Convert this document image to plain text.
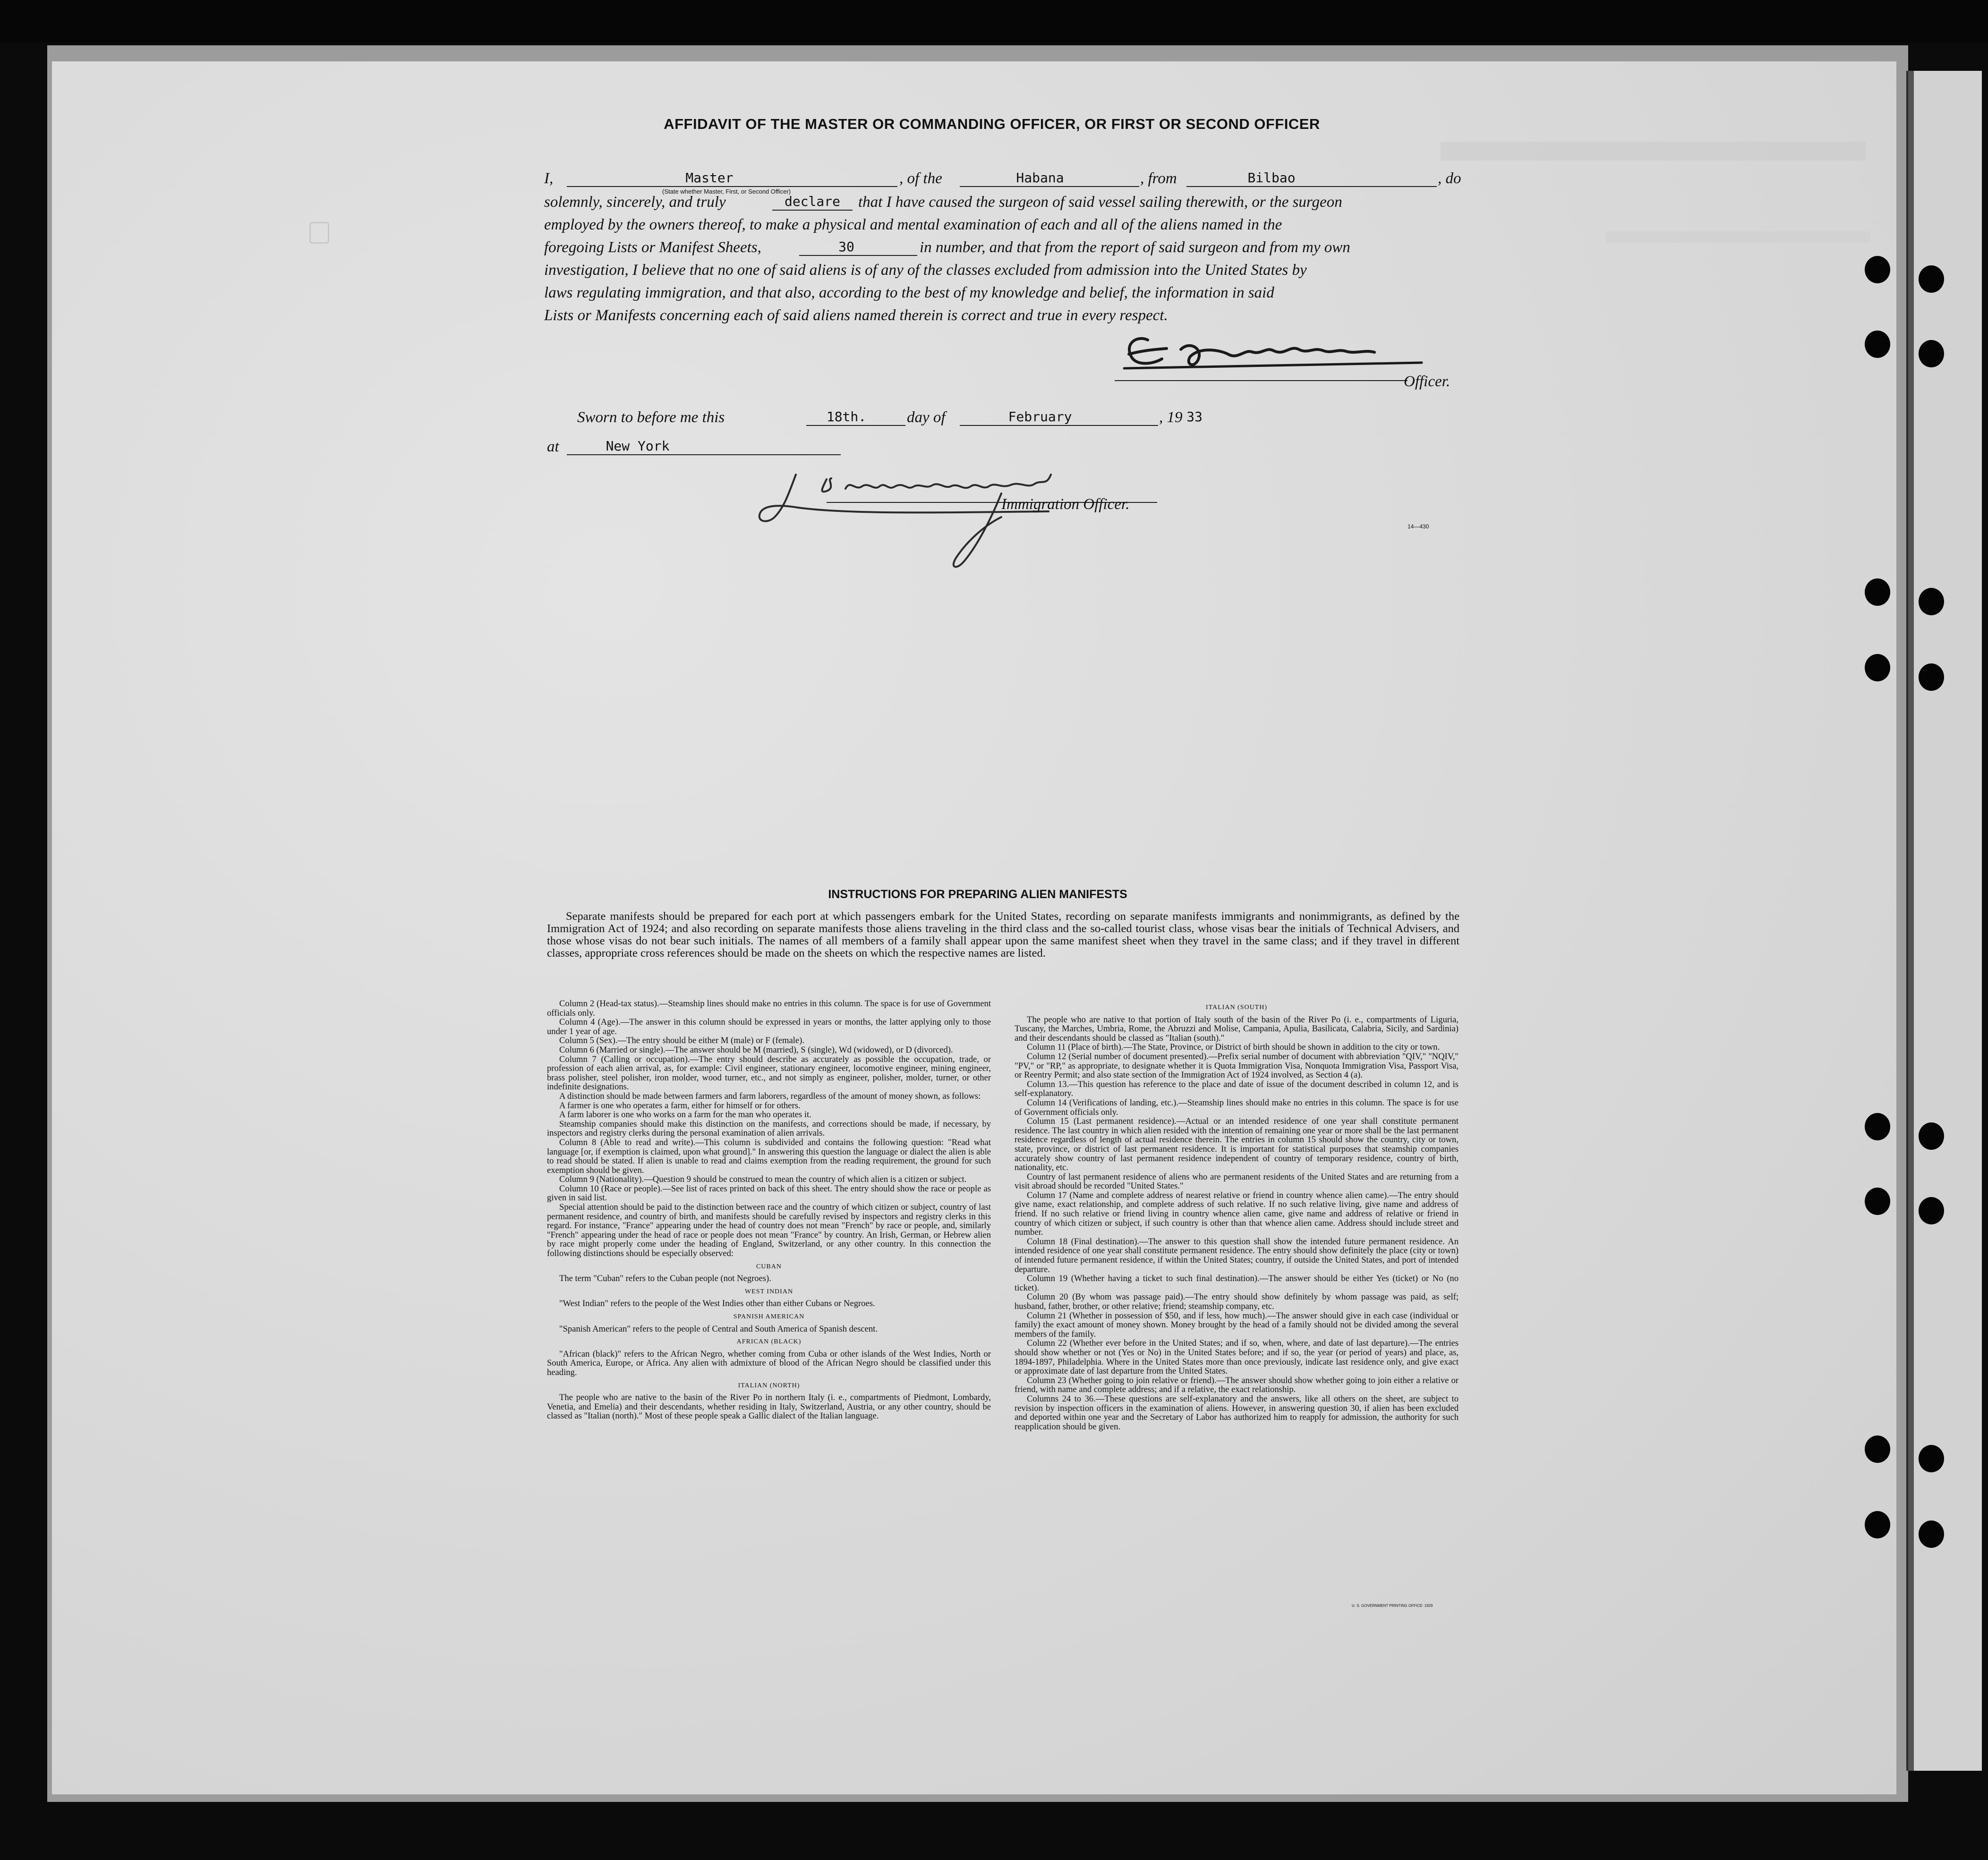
AFFIDAVIT OF THE MASTER OR COMMANDING OFFICER, OR FIRST OR SECOND OFFICER
I,	Master
(State whether Master, First, or Second Officer)
, of the	Habana	, from	Bilbao	, do
solemnly, sincerely, and truly	declare	that I have caused the surgeon of said vessel sailing therewith, or the surgeon
employed by the owners thereof, to make a physical and mental examination of each and all of the aliens named in the
foregoing Lists or Manifest Sheets,	30	in number, and that from the report of said surgeon and from my own
investigation, I believe that no one of said aliens is of any of the classes excluded from admission into the United States by
laws regulating immigration, and that also, according to the best of my knowledge and belief, the information in said
Lists or Manifests concerning each of said aliens named therein is correct and true in every respect.
Officer.
Sworn to before me this	18th.	day of	February	, 19 33
at	New York
Immigration Officer.
14—430
INSTRUCTIONS FOR PREPARING ALIEN MANIFESTS
Separate manifests should be prepared for each port at which passengers embark for the United States, recording on separate manifests immigrants and nonimmigrants, as defined by the Immigration Act of 1924; and also recording on separate manifests those aliens traveling in the third class and the so-called tourist class, whose visas bear the initials of Technical Advisers, and those whose visas do not bear such initials. The names of all members of a family shall appear upon the same manifest sheet when they travel in the same class; and if they travel in different classes, appropriate cross references should be made on the sheets on which the respective names are listed.

Column 2 (Head-tax status).—Steamship lines should make no entries in this column. The space is for use of Government officials only.

Column 4 (Age).—The answer in this column should be expressed in years or months, the latter applying only to those under 1 year of age.

Column 5 (Sex).—The entry should be either M (male) or F (female).

Column 6 (Married or single).—The answer should be M (married), S (single), Wd (widowed), or D (divorced).

Column 7 (Calling or occupation).—The entry should describe as accurately as possible the occupation, trade, or profession of each alien arrival, as, for example: Civil engineer, stationary engineer, locomotive engineer, mining engineer, brass polisher, steel polisher, iron molder, wood turner, etc., and not simply as engineer, polisher, molder, turner, or other indefinite designations.

A distinction should be made between farmers and farm laborers, regardless of the amount of money shown, as follows:

A farmer is one who operates a farm, either for himself or for others.

A farm laborer is one who works on a farm for the man who operates it.

Steamship companies should make this distinction on the manifests, and corrections should be made, if necessary, by inspectors and registry clerks during the personal examination of alien arrivals.

Column 8 (Able to read and write).—This column is subdivided and contains the following question: "Read what language [or, if exemption is claimed, upon what ground]." In answering this question the language or dialect the alien is able to read should be stated. If alien is unable to read and claims exemption from the reading requirement, the ground for such exemption should be given.

Column 9 (Nationality).—Question 9 should be construed to mean the country of which alien is a citizen or subject.

Column 10 (Race or people).—See list of races printed on back of this sheet. The entry should show the race or people as given in said list.

Special attention should be paid to the distinction between race and the country of which citizen or subject, country of last permanent residence, and country of birth, and manifests should be carefully revised by inspectors and registry clerks in this regard. For instance, "France" appearing under the head of country does not mean "French" by race or people, and, similarly "French" appearing under the head of race or people does not mean "France" by country. An Irish, German, or Hebrew alien by race might properly come under the heading of England, Switzerland, or any other country. In this connection the following distinctions should be especially observed:

CUBAN

The term "Cuban" refers to the Cuban people (not Negroes).

WEST INDIAN

"West Indian" refers to the people of the West Indies other than either Cubans or Negroes.

SPANISH AMERICAN

"Spanish American" refers to the people of Central and South America of Spanish descent.

AFRICAN (BLACK)

"African (black)" refers to the African Negro, whether coming from Cuba or other islands of the West Indies, North or South America, Europe, or Africa. Any alien with admixture of blood of the African Negro should be classified under this heading.

ITALIAN (NORTH)

The people who are native to the basin of the River Po in northern Italy (i. e., compartments of Piedmont, Lombardy, Venetia, and Emelia) and their descendants, whether residing in Italy, Switzerland, Austria, or any other country, should be classed as "Italian (north)." Most of these people speak a Gallic dialect of the Italian language.

ITALIAN (SOUTH)

The people who are native to that portion of Italy south of the basin of the River Po (i. e., compartments of Liguria, Tuscany, the Marches, Umbria, Rome, the Abruzzi and Molise, Campania, Apulia, Basilicata, Calabria, Sicily, and Sardinia) and their descendants should be classed as "Italian (south)."

Column 11 (Place of birth).—The State, Province, or District of birth should be shown in addition to the city or town.

Column 12 (Serial number of document presented).—Prefix serial number of document with abbreviation "QIV," "NQIV," "PV," or "RP," as appropriate, to designate whether it is Quota Immigration Visa, Nonquota Immigration Visa, Passport Visa, or Reentry Permit; and also state section of the Immigration Act of 1924 involved, as Section 4 (a).

Column 13.—This question has reference to the place and date of issue of the document described in column 12, and is self-explanatory.

Column 14 (Verifications of landing, etc.).—Steamship lines should make no entries in this column. The space is for use of Government officials only.

Column 15 (Last permanent residence).—Actual or an intended residence of one year shall constitute permanent residence. The last country in which alien resided with the intention of remaining one year or more shall be the last permanent residence regardless of length of actual residence therein. The entries in column 15 should show the country, city or town, state, province, or district of last permanent residence. It is important for statistical purposes that steamship companies accurately show country of last permanent residence independent of country of temporary residence, country of birth, nationality, etc.

Country of last permanent residence of aliens who are permanent residents of the United States and are returning from a visit abroad should be recorded "United States."

Column 17 (Name and complete address of nearest relative or friend in country whence alien came).—The entry should give name, exact relationship, and complete address of such relative. If no such relative living, give name and address of friend. If no such relative or friend living in country whence alien came, give name and address of relative or friend in country of which citizen or subject, if such country is other than that whence alien came. Address should include street and number.

Column 18 (Final destination).—The answer to this question shall show the intended future permanent residence. An intended residence of one year shall constitute permanent residence. The entry should show definitely the place (city or town) of intended future permanent residence, if within the United States; country, if outside the United States, and port of intended departure.

Column 19 (Whether having a ticket to such final destination).—The answer should be either Yes (ticket) or No (no ticket).

Column 20 (By whom was passage paid).—The entry should show definitely by whom passage was paid, as self; husband, father, brother, or other relative; friend; steamship company, etc.

Column 21 (Whether in possession of $50, and if less, how much).—The answer should give in each case (individual or family) the exact amount of money shown. Money brought by the head of a family should not be divided among the several members of the family.

Column 22 (Whether ever before in the United States; and if so, when, where, and date of last departure).—The entries should show whether or not (Yes or No) in the United States before; and if so, the year (or period of years) and place, as, 1894-1897, Philadelphia. Where in the United States more than once previously, indicate last residence only, and give exact or approximate date of last departure from the United States.

Column 23 (Whether going to join relative or friend).—The answer should show whether going to join either a relative or friend, with name and complete address; and if a relative, the exact relationship.

Columns 24 to 36.—These questions are self-explanatory and the answers, like all others on the sheet, are subject to revision by inspection officers in the examination of aliens. However, in answering question 30, if alien has been excluded and deported within one year and the Secretary of Labor has authorized him to reapply for admission, the authority for such reapplication should be given.

U. S. GOVERNMENT PRINTING OFFICE: 1929
